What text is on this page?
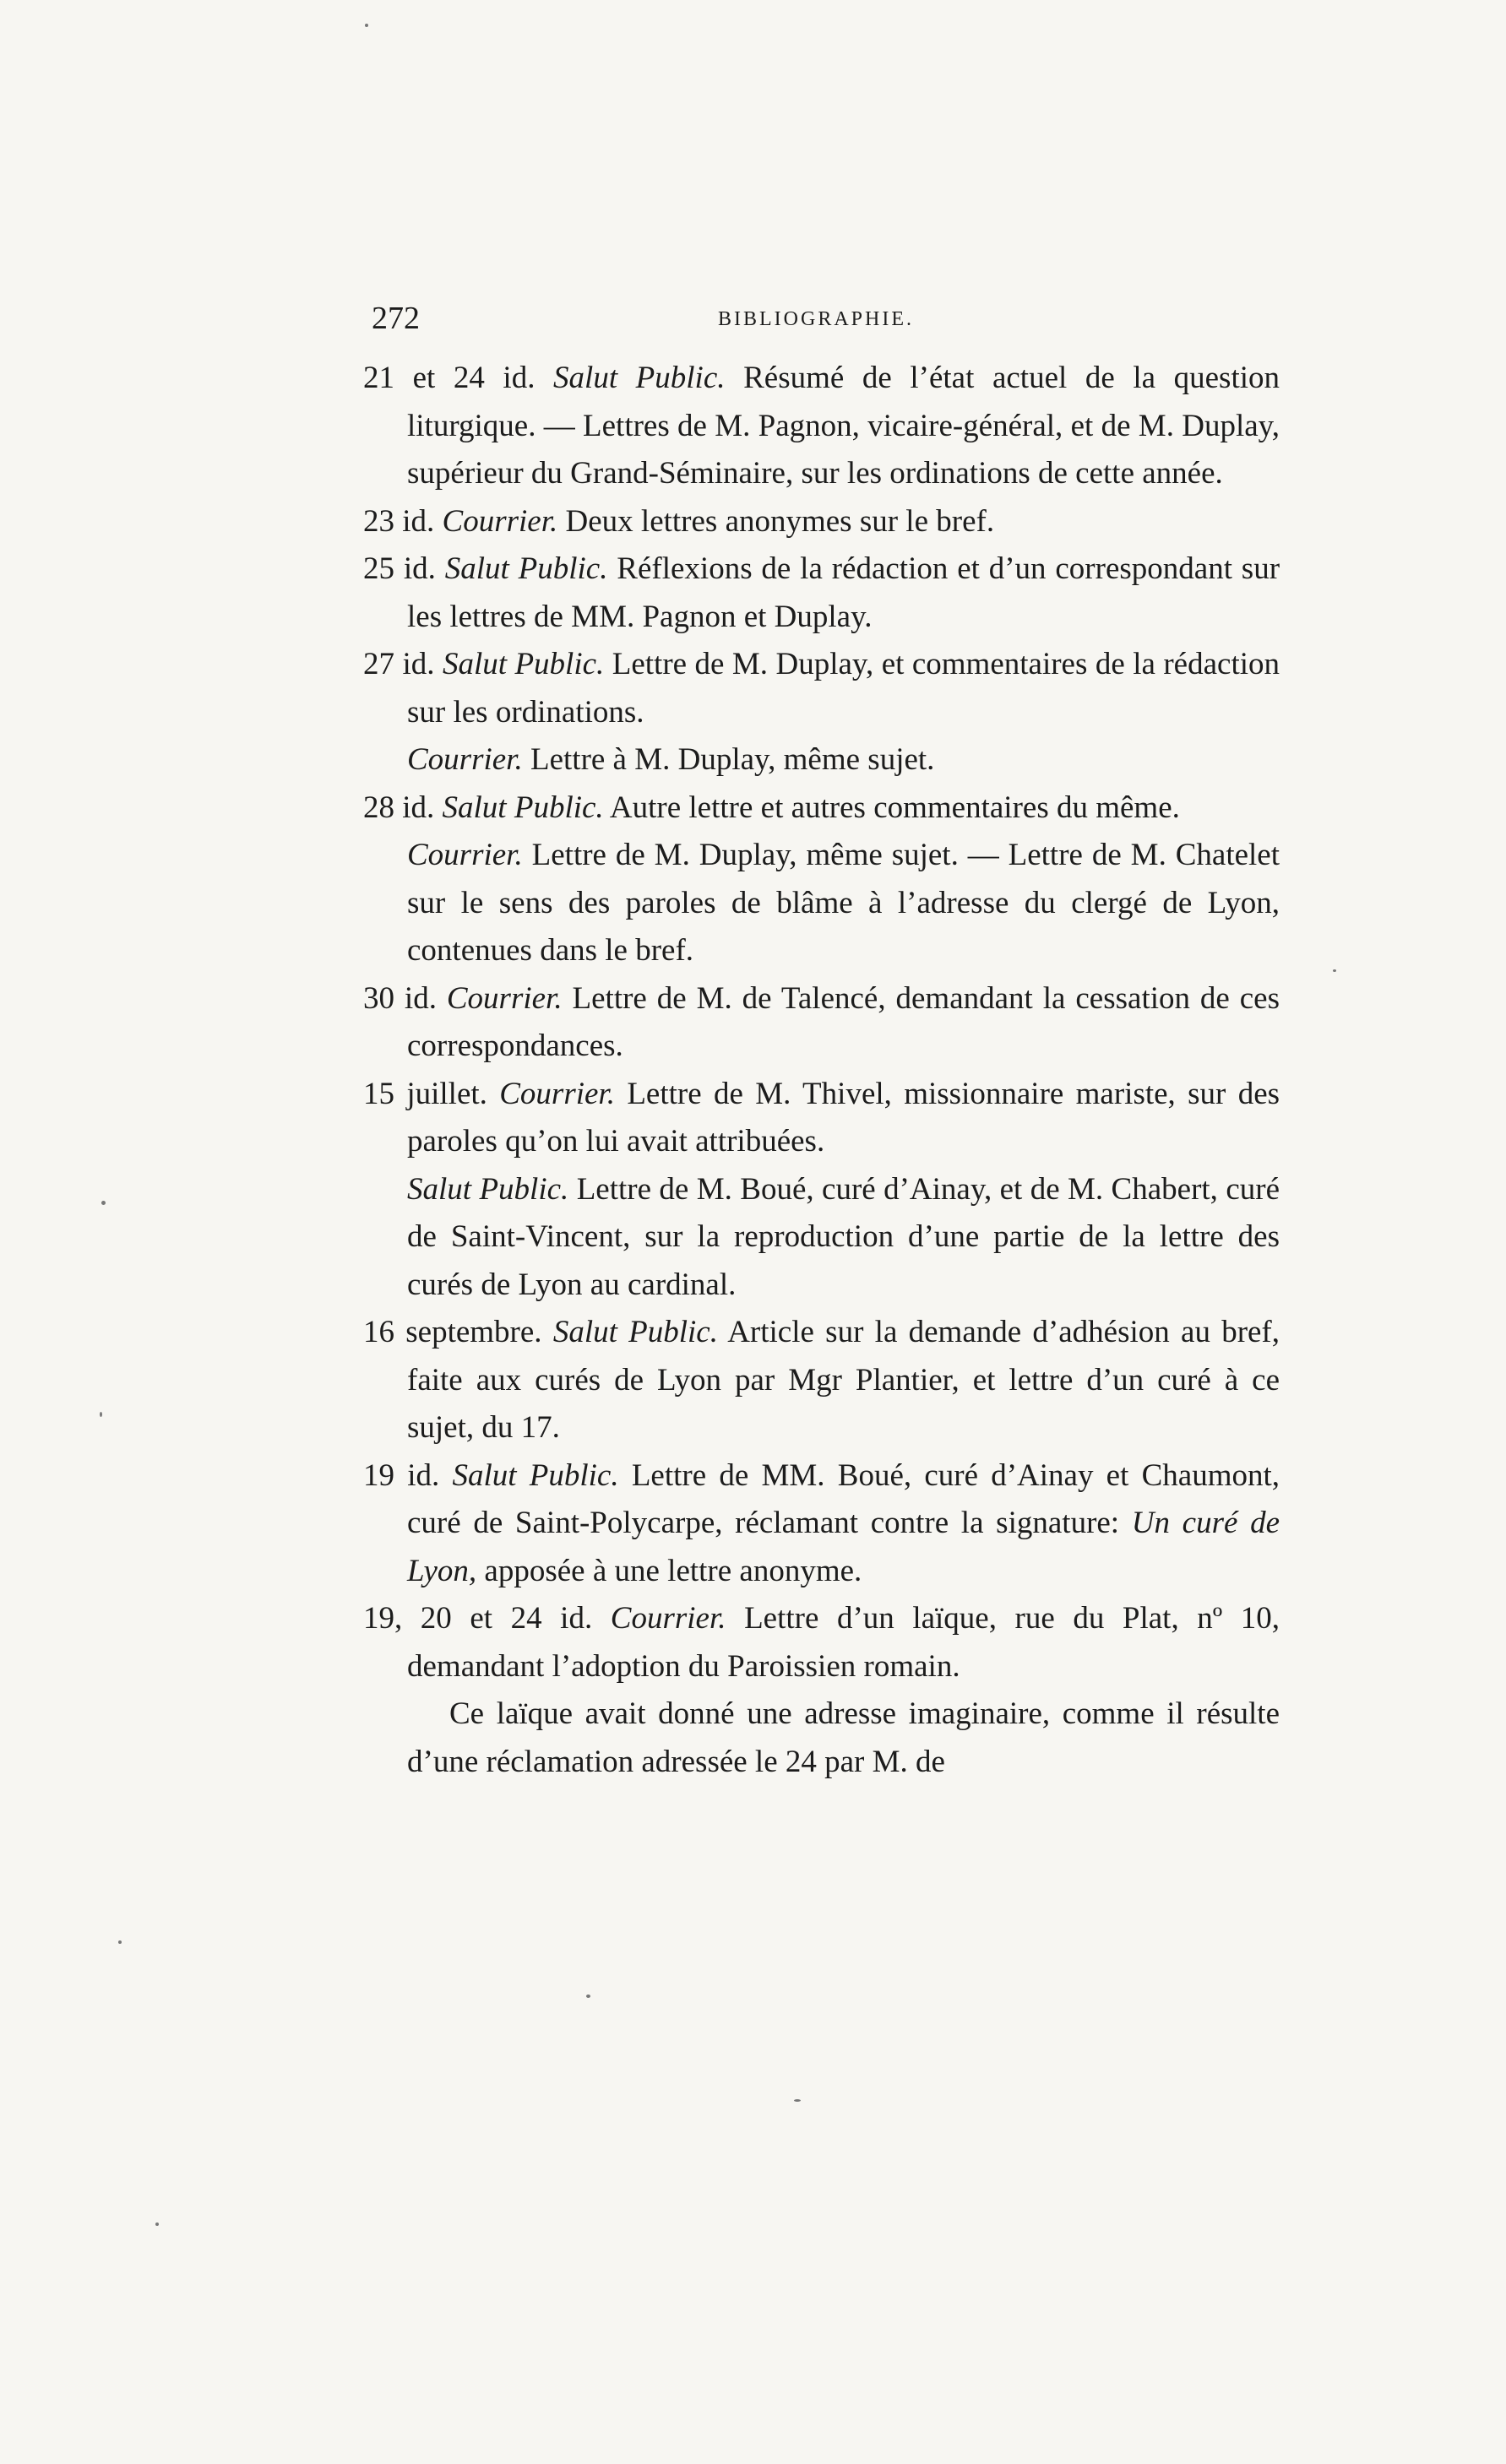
272	BIBLIOGRAPHIE.

21 et 24 id. Salut Public. Résumé de l’état actuel de la question liturgique. — Lettres de M. Pagnon, vicaire-général, et de M. Duplay, supérieur du Grand-Séminaire, sur les ordinations de cette année.

23 id. Courrier. Deux lettres anonymes sur le bref.

25 id. Salut Public. Réflexions de la rédaction et d’un correspondant sur les lettres de MM. Pagnon et Duplay.

27 id. Salut Public. Lettre de M. Duplay, et commentaires de la rédaction sur les ordinations.

Courrier. Lettre à M. Duplay, même sujet.

28 id. Salut Public. Autre lettre et autres commentaires du même.

Courrier. Lettre de M. Duplay, même sujet. — Lettre de M. Chatelet sur le sens des paroles de blâme à l’adresse du clergé de Lyon, contenues dans le bref.

30 id. Courrier. Lettre de M. de Talencé, demandant la cessation de ces correspondances.

15 juillet. Courrier. Lettre de M. Thivel, missionnaire mariste, sur des paroles qu’on lui avait attribuées.

Salut Public. Lettre de M. Boué, curé d’Ainay, et de M. Chabert, curé de Saint-Vincent, sur la reproduction d’une partie de la lettre des curés de Lyon au cardinal.

16 septembre. Salut Public. Article sur la demande d’adhésion au bref, faite aux curés de Lyon par Mgr Plantier, et lettre d’un curé à ce sujet, du 17.

19 id. Salut Public. Lettre de MM. Boué, curé d’Ainay et Chaumont, curé de Saint-Polycarpe, réclamant contre la signature: Un curé de Lyon, apposée à une lettre anonyme.

19, 20 et 24 id. Courrier. Lettre d’un laïque, rue du Plat, nº 10, demandant l’adoption du Paroissien romain.

Ce laïque avait donné une adresse imaginaire, comme il résulte d’une réclamation adressée le 24 par M. de
